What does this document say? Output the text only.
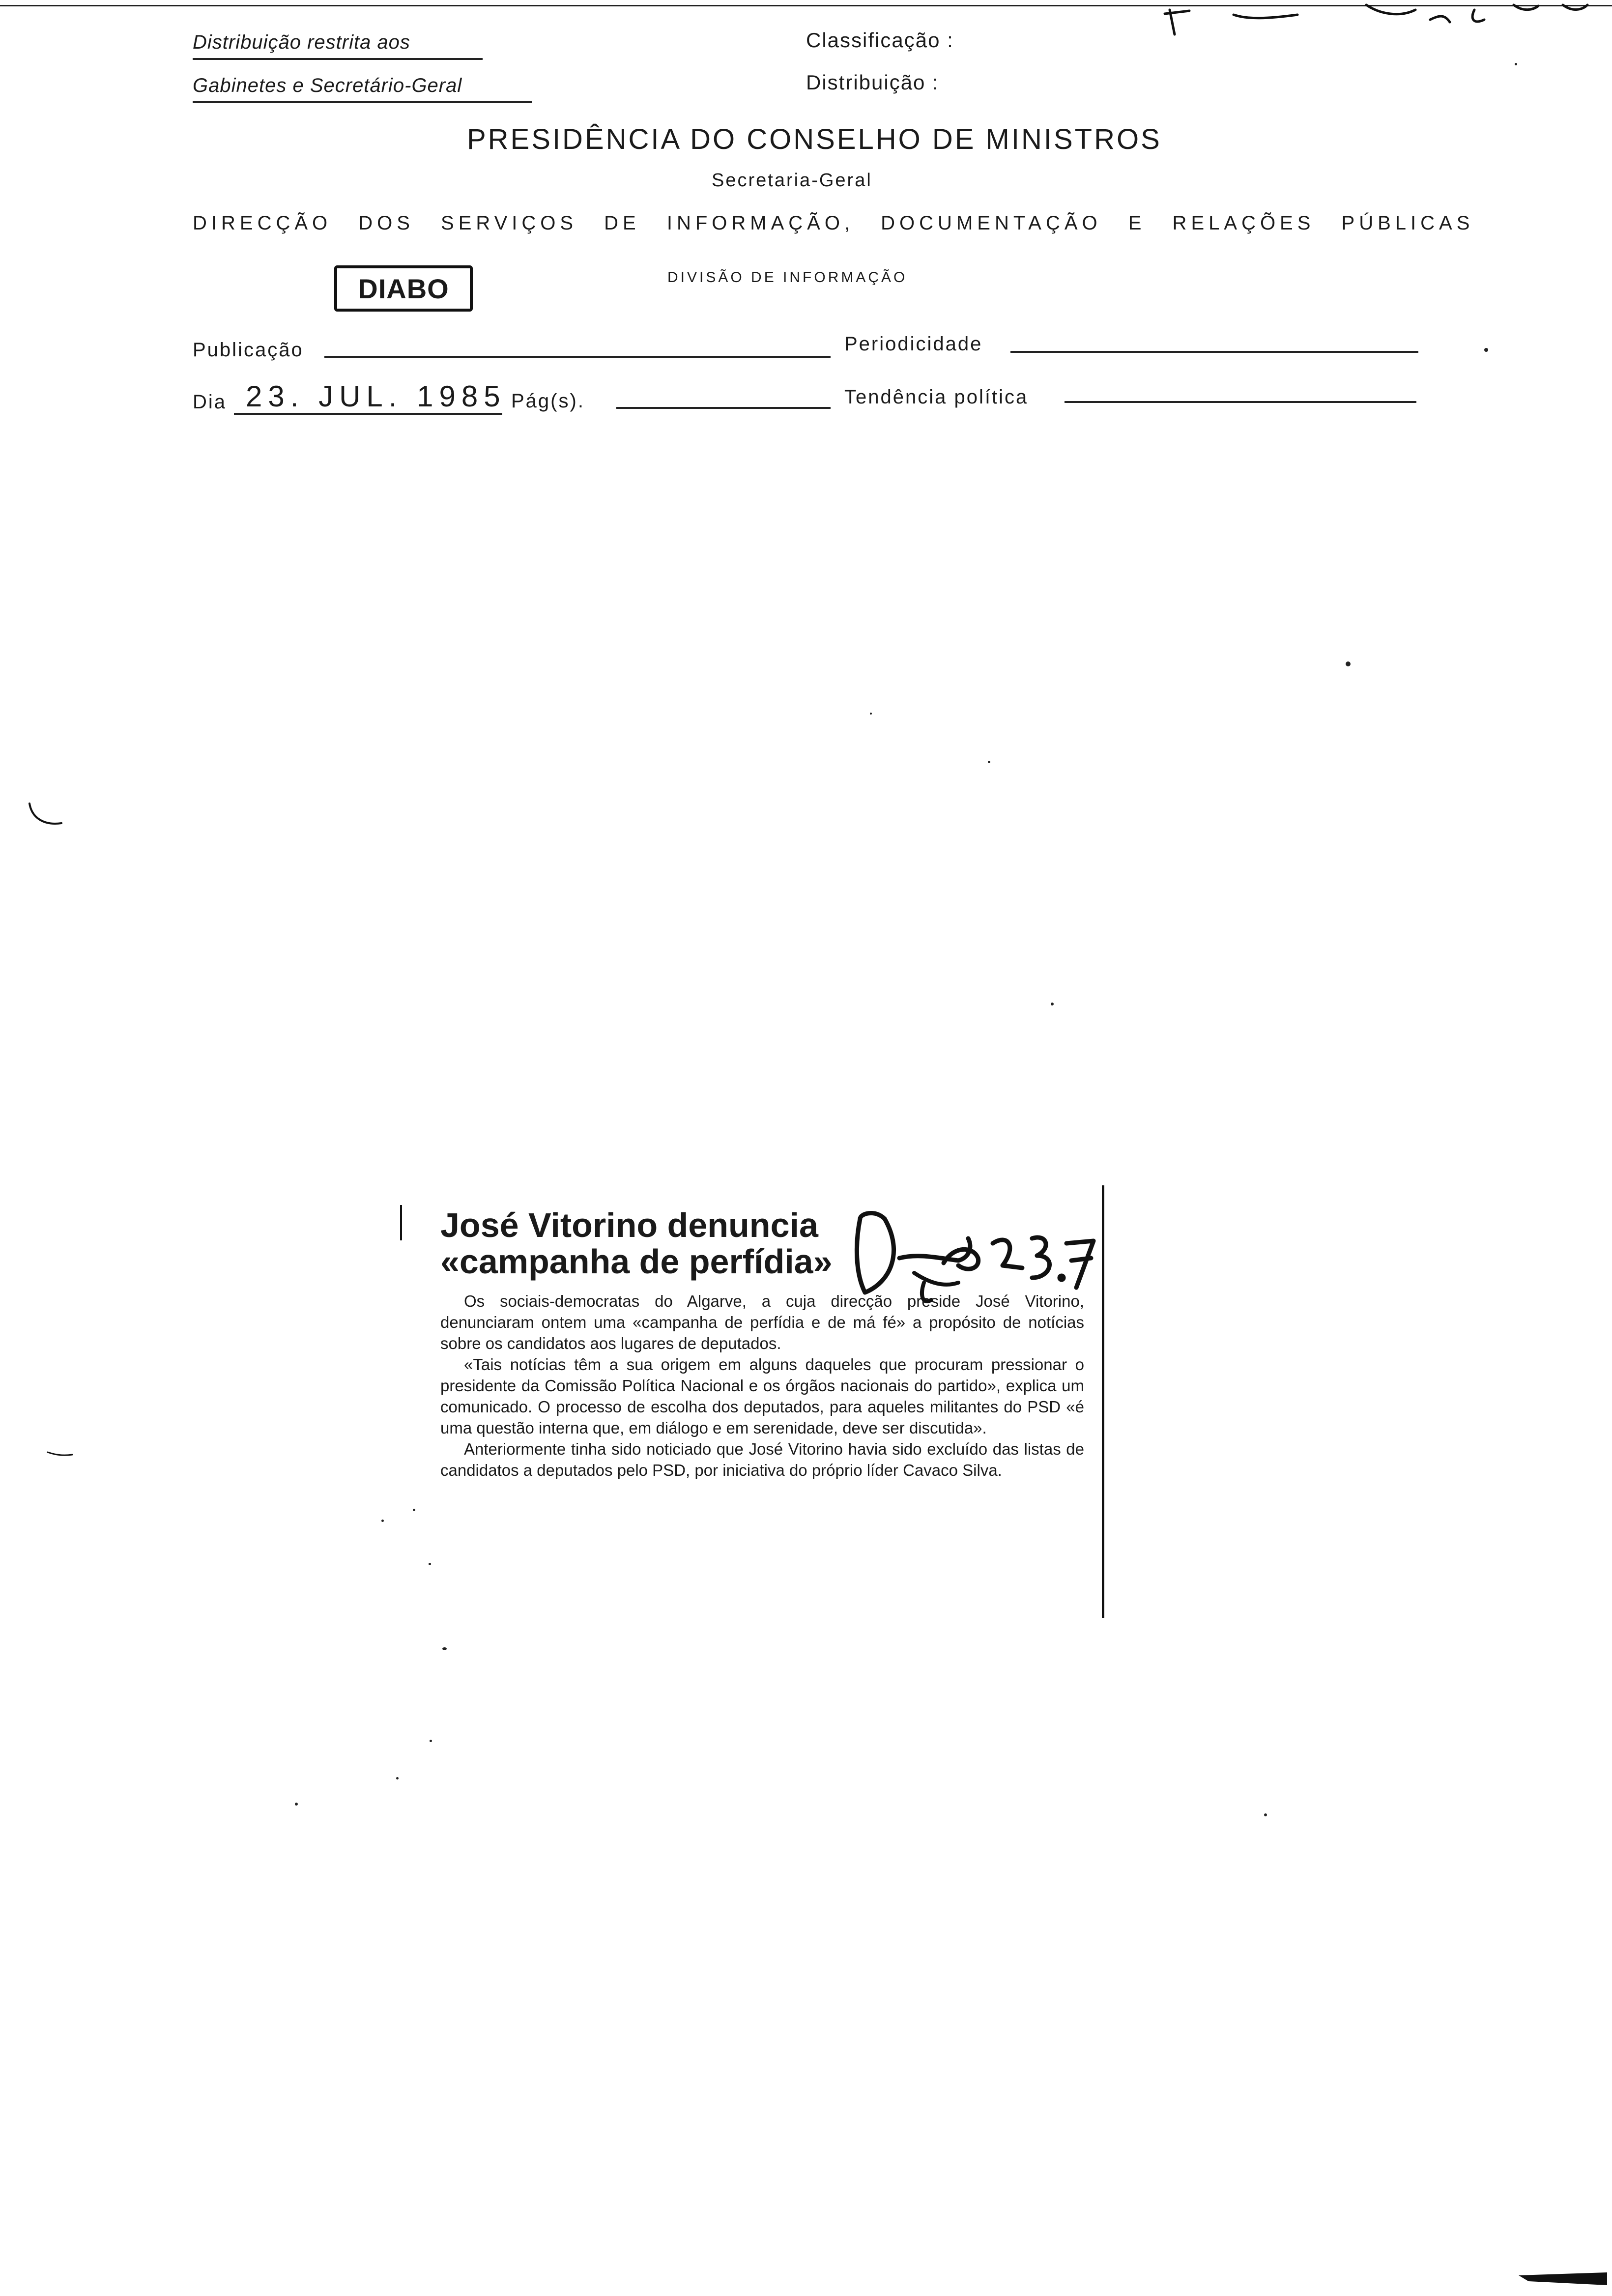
Distribuição restrita aos
Gabinetes e Secretário-Geral
Classificação :
Distribuição :
PRESIDÊNCIA DO CONSELHO DE MINISTROS
Secretaria-Geral
DIRECÇÃO DOS SERVIÇOS DE INFORMAÇÃO, DOCUMENTAÇÃO E RELAÇÕES PÚBLICAS
DIABO	DIVISÃO DE INFORMAÇÃO
Publicação	Periodicidade
Dia 23. JUL. 1985 Pág(s).	Tendência política
José Vitorino denuncia
«campanha de perfídia»

Os sociais-democratas do Algarve, a cuja direcção preside José Vitorino, denunciaram ontem uma «campanha de perfídia e de má fé» a propósito de notícias sobre os candidatos aos lugares de deputados.

«Tais notícias têm a sua origem em alguns daqueles que procuram pressionar o presidente da Comissão Política Nacional e os órgãos nacionais do partido», explica um comunicado. O processo de escolha dos deputados, para aqueles militantes do PSD «é uma questão interna que, em diálogo e em serenidade, deve ser discutida».

Anteriormente tinha sido noticiado que José Vitorino havia sido excluído das listas de candidatos a deputados pelo PSD, por iniciativa do próprio líder Cavaco Silva.
